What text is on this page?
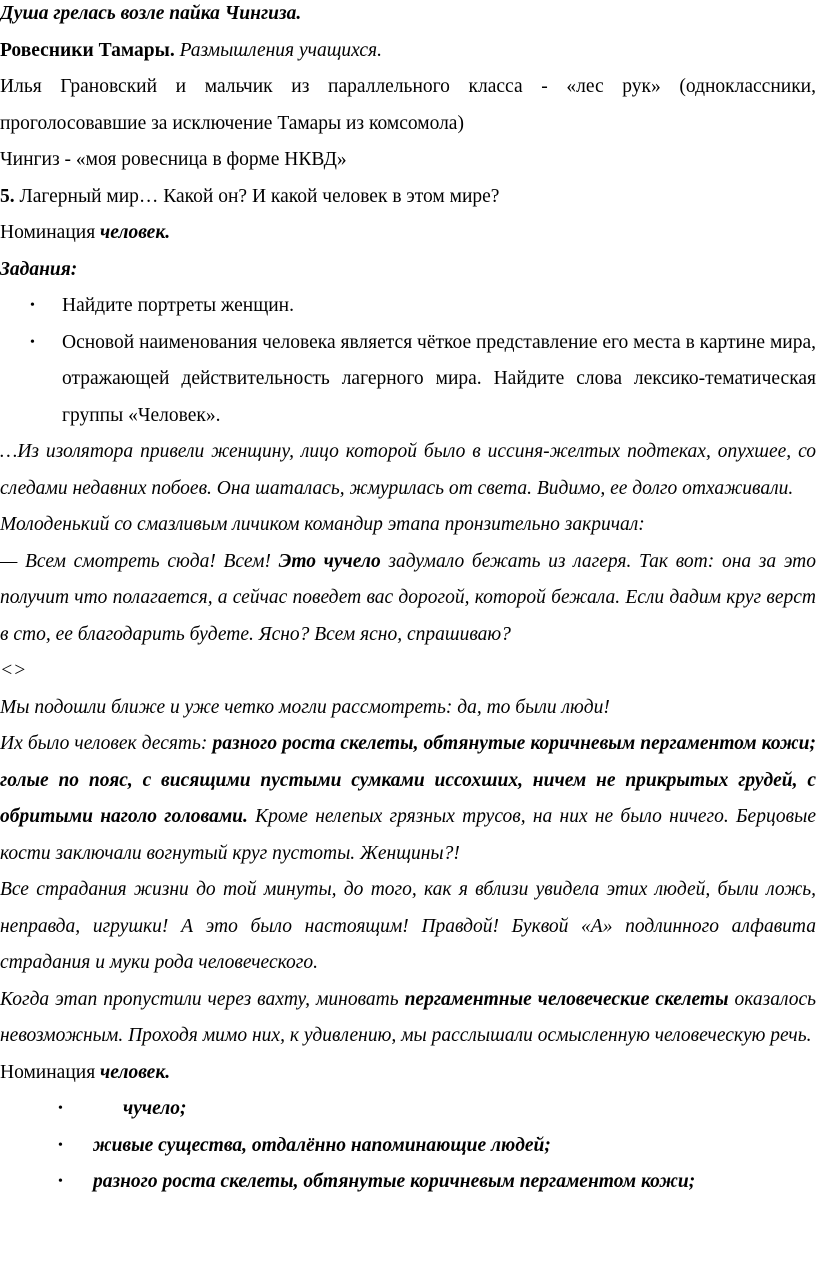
Душа грелась возле пайка Чингиза.

Ровесники Тамары. Размышления учащихся.

Илья Грановский и мальчик из параллельного класса - «лес рук» (одноклассники, проголосовавшие за исключение Тамары из комсомола)

Чингиз - «моя ровесница в форме НКВД»

5. Лагерный мир… Какой он? И какой человек в этом мире?

Номинация человек.

Задания:

• Найдите портреты женщин.
• Основой наименования человека является чёткое представление его места в картине мира, отражающей действительность лагерного мира. Найдите слова лексико-тематическая группы «Человек».

…Из изолятора привели женщину, лицо которой было в иссиня-желтых подтеках, опухшее, со следами недавних побоев. Она шаталась, жмурилась от света. Видимо, ее долго отхаживали.

Молоденький со смазливым личиком командир этапа пронзительно закричал:

— Всем смотреть сюда! Всем! Это чучело задумало бежать из лагеря. Так вот: она за это получит что полагается, а сейчас поведет вас дорогой, которой бежала. Если дадим круг верст в сто, ее благодарить будете. Ясно? Всем ясно, спрашиваю?

<>

Мы подошли ближе и уже четко могли рассмотреть: да, то были люди!

Их было человек десять: разного роста скелеты, обтянутые коричневым пергаментом кожи; голые по пояс, с висящими пустыми сумками иссохших, ничем не прикрытых грудей, с обритыми наголо головами. Кроме нелепых грязных трусов, на них не было ничего. Берцовые кости заключали вогнутый круг пустоты. Женщины?!

Все страдания жизни до той минуты, до того, как я вблизи увидела этих людей, были ложь, неправда, игрушки! А это было настоящим! Правдой! Буквой «А» подлинного алфавита страдания и муки рода человеческого.

Когда этап пропустили через вахту, миновать пергаментные человеческие скелеты оказалось невозможным. Проходя мимо них, к удивлению, мы расслышали осмысленную человеческую речь.

Номинация человек.

•	чучело;
• живые существа, отдалённо напоминающие людей;
• разного роста скелеты, обтянутые коричневым пергаментом кожи;
